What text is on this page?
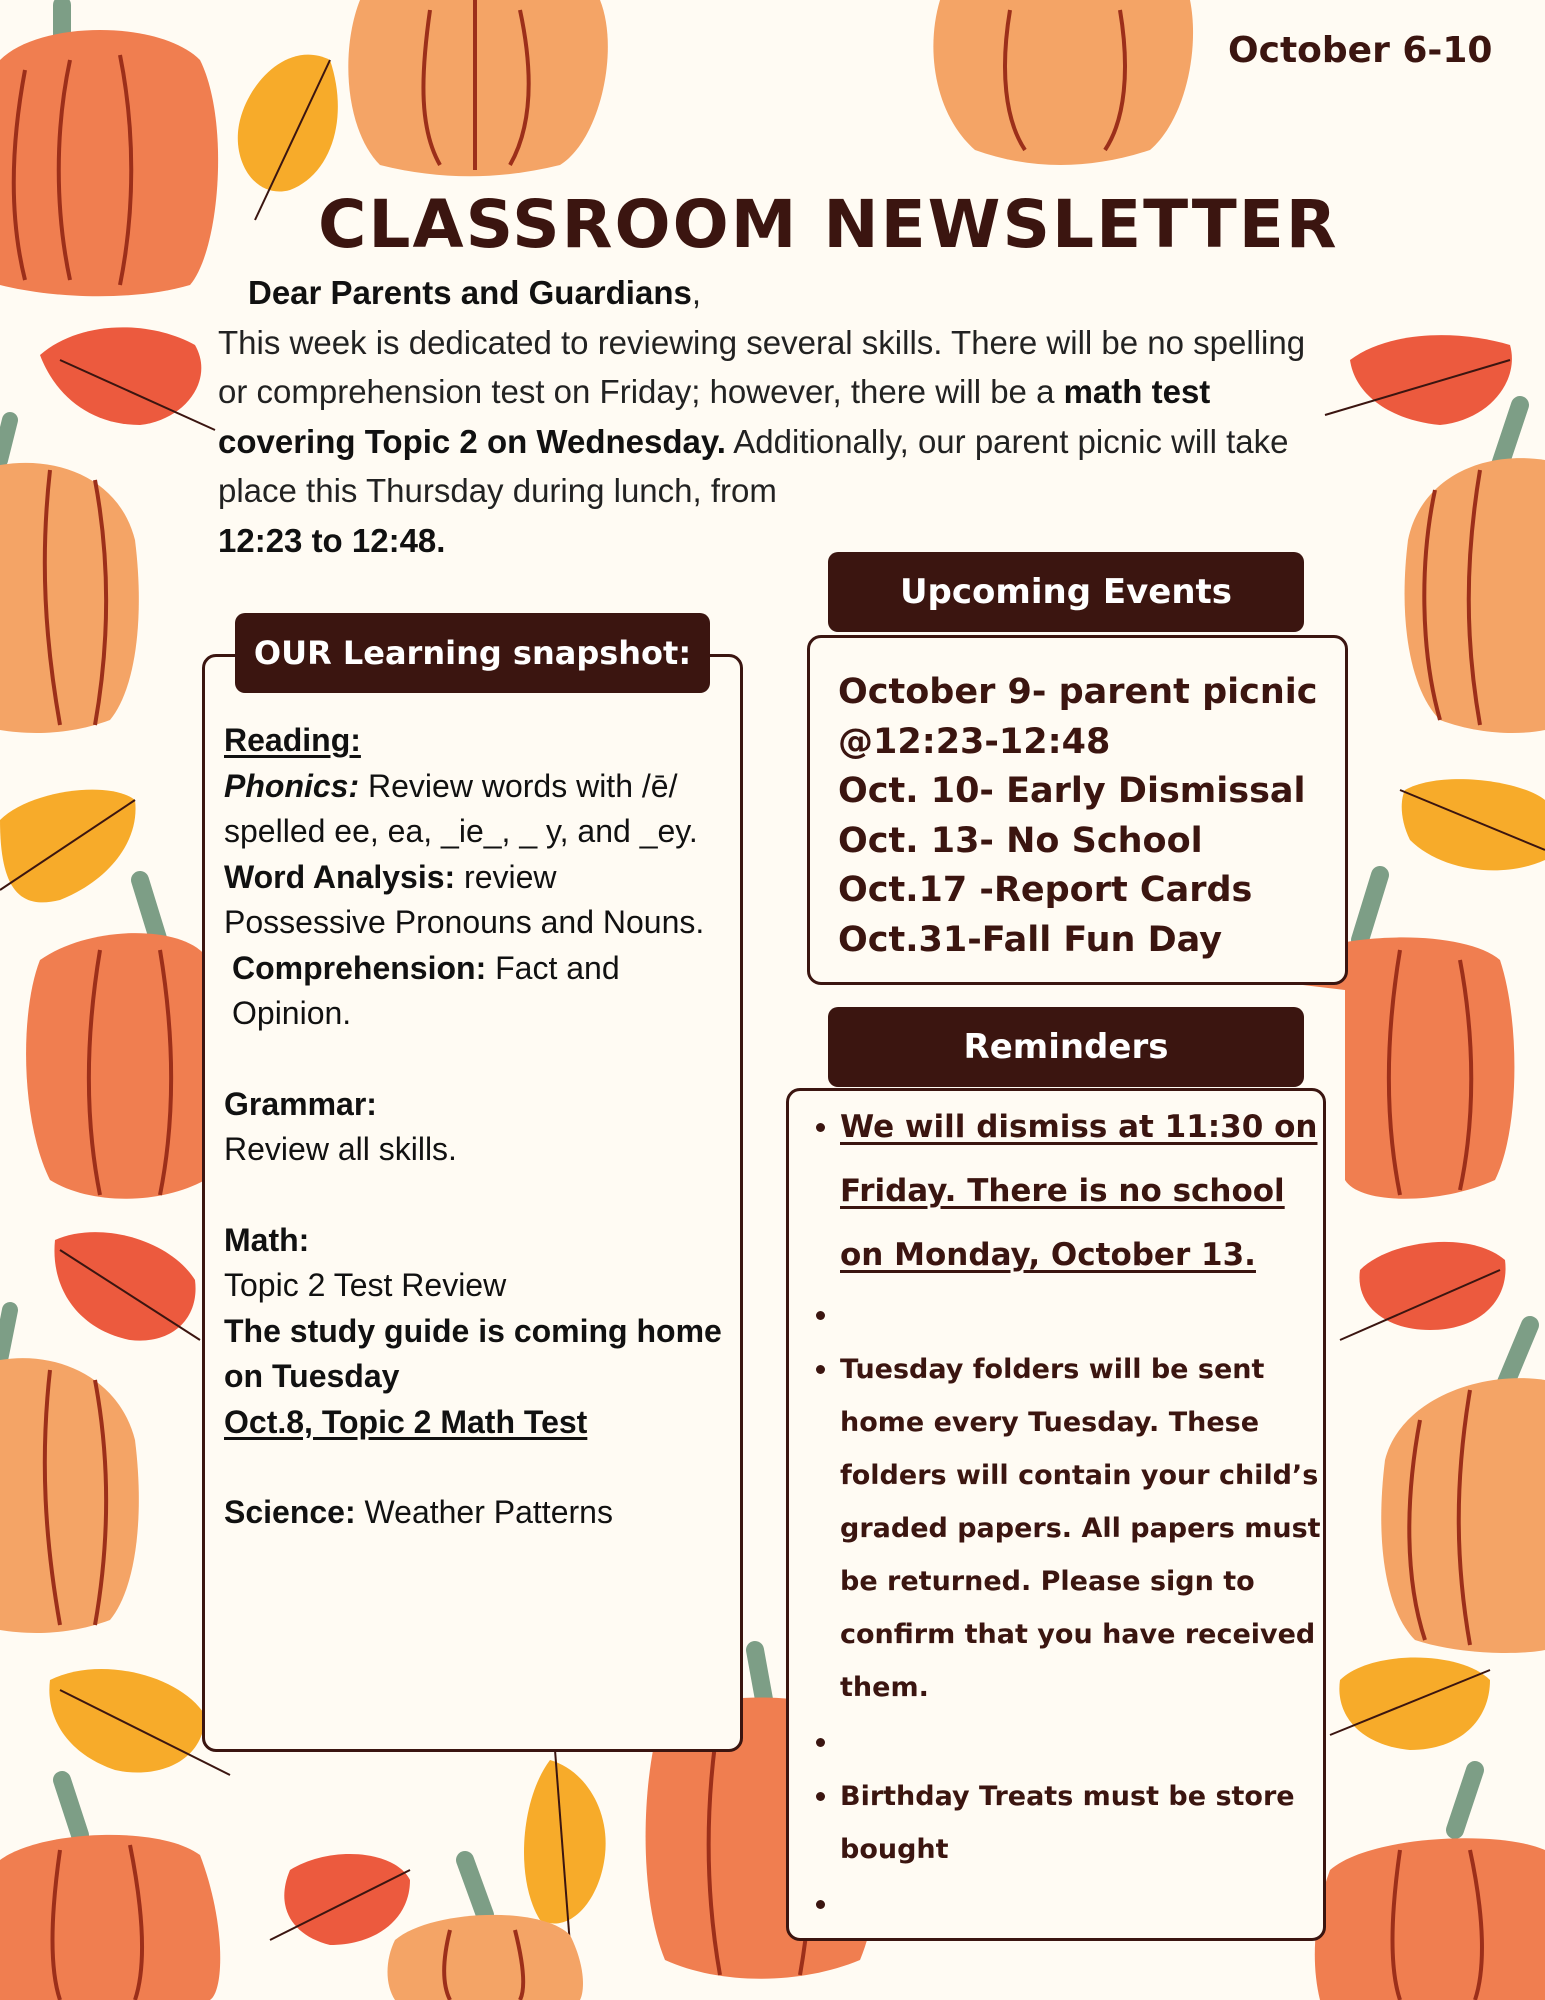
October 6-10
CLASSROOM NEWSLETTER
Dear Parents and Guardians,
This week is dedicated to reviewing several skills. There will be no spelling or comprehension test on Friday; however, there will be a math test covering Topic 2 on Wednesday. Additionally, our parent picnic will take place this Thursday during lunch, from
12:23 to 12:48.
OUR Learning snapshot:
Reading:
Phonics: Review words with /ē/ spelled ee, ea, _ie_, _ y, and _ey.
Word Analysis: review Possessive Pronouns and Nouns.
Comprehension: Fact and Opinion.
Grammar:
Review all skills.
Math:
Topic 2 Test Review
The study guide is coming home on Tuesday
Oct.8, Topic 2 Math Test
Science: Weather Patterns
Upcoming Events
October 9- parent picnic @12:23-12:48
Oct. 10- Early Dismissal
Oct. 13- No School
Oct.17 -Report Cards
Oct.31-Fall Fun Day
Reminders
We will dismiss at 11:30 on Friday. There is no school on Monday, October 13.
Tuesday folders will be sent home every Tuesday. These folders will contain your child’s graded papers. All papers must be returned. Please sign to confirm that you have received them.
Birthday Treats must be store bought
